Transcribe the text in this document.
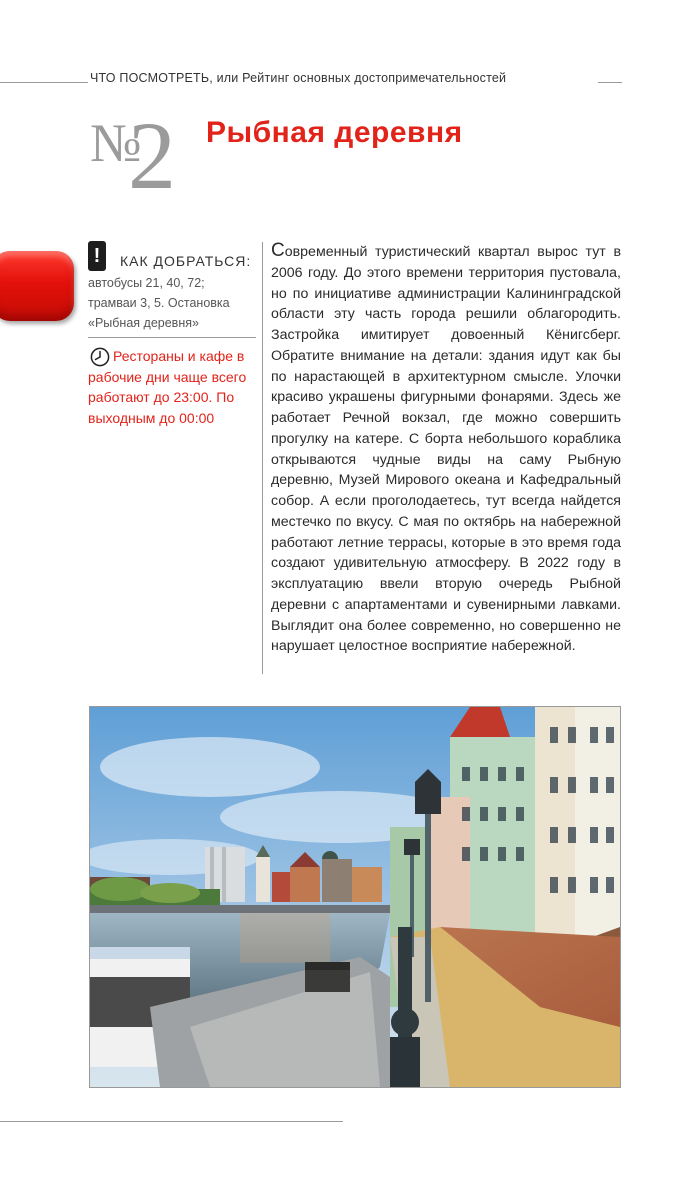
ЧТО ПОСМОТРЕТЬ, или Рейтинг основных достопримечательностей
№
2 Рыбная деревня
!	КАК ДОБРАТЬСЯ:
автобусы 21, 40, 72; трамваи 3, 5. Остановка «Рыбная деревня»
Рестораны и кафе в рабочие дни чаще всего работают до 23:00. По выходным до 00:00
Современный туристический квартал вырос тут в 2006 году. До этого времени территория пустовала, но по инициативе администрации Калининградской области эту часть города решили облагородить. Застройка имитирует довоенный Кёнигсберг. Обратите внимание на детали: здания идут как бы по нарастающей в архитектурном смысле. Улочки красиво украшены фигурными фонарями. Здесь же работает Речной вокзал, где можно совершить прогулку на катере. С борта небольшого кораблика открываются чудные виды на саму Рыбную деревню, Музей Мирового океана и Кафедральный собор. А если проголодаетесь, тут всегда найдется местечко по вкусу. С мая по октябрь на набережной работают летние террасы, которые в это время года создают удивительную атмосферу. В 2022 году в эксплуатацию ввели вторую очередь Рыбной деревни с апартаментами и сувенирными лавками. Выглядит она более современно, но совершенно не нарушает целостное восприятие набережной.
